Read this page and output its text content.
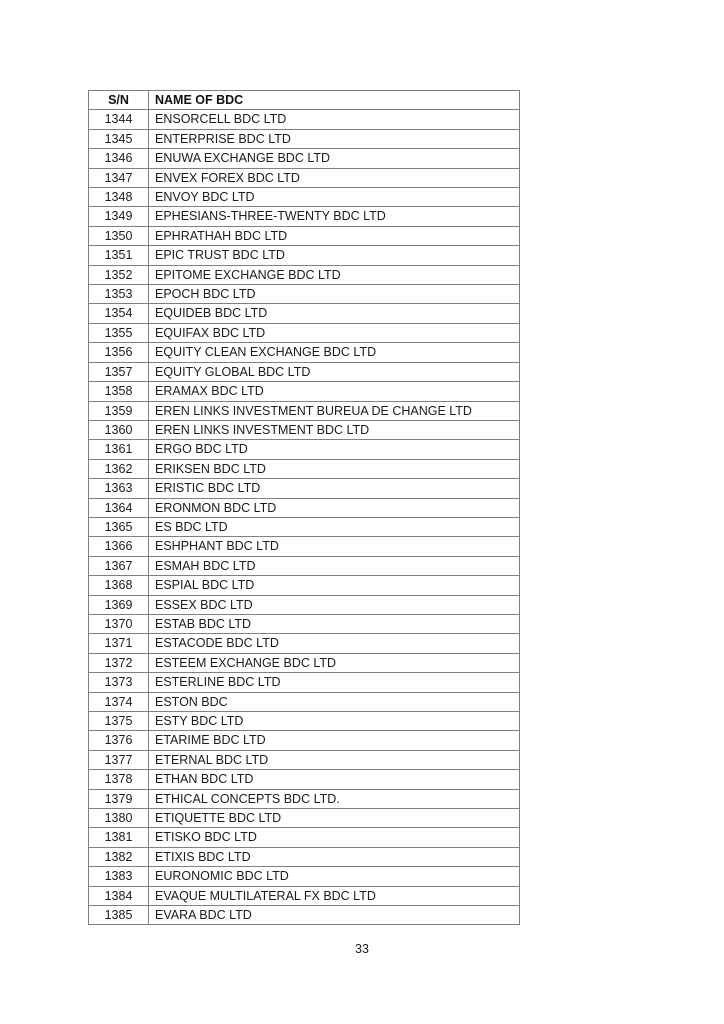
S/N	NAME OF BDC
1344	ENSORCELL BDC LTD
1345	ENTERPRISE BDC LTD
1346	ENUWA EXCHANGE BDC LTD
1347	ENVEX FOREX BDC LTD
1348	ENVOY BDC LTD
1349	EPHESIANS-THREE-TWENTY BDC LTD
1350	EPHRATHAH BDC LTD
1351	EPIC TRUST BDC LTD
1352	EPITOME EXCHANGE BDC LTD
1353	EPOCH BDC LTD
1354	EQUIDEB BDC LTD
1355	EQUIFAX BDC LTD
1356	EQUITY CLEAN EXCHANGE BDC LTD
1357	EQUITY GLOBAL BDC LTD
1358	ERAMAX BDC LTD
1359	EREN LINKS INVESTMENT BUREUA DE CHANGE LTD
1360	EREN LINKS INVESTMENT BDC LTD
1361	ERGO BDC LTD
1362	ERIKSEN BDC LTD
1363	ERISTIC BDC LTD
1364	ERONMON BDC LTD
1365	ES BDC LTD
1366	ESHPHANT BDC LTD
1367	ESMAH BDC LTD
1368	ESPIAL BDC LTD
1369	ESSEX BDC LTD
1370	ESTAB BDC LTD
1371	ESTACODE BDC LTD
1372	ESTEEM EXCHANGE BDC LTD
1373	ESTERLINE BDC LTD
1374	ESTON BDC
1375	ESTY BDC LTD
1376	ETARIME BDC LTD
1377	ETERNAL BDC LTD
1378	ETHAN BDC LTD
1379	ETHICAL CONCEPTS BDC LTD.
1380	ETIQUETTE BDC LTD
1381	ETISKO BDC LTD
1382	ETIXIS BDC LTD
1383	EURONOMIC BDC LTD
1384	EVAQUE MULTILATERAL FX BDC LTD
1385	EVARA BDC LTD
33
